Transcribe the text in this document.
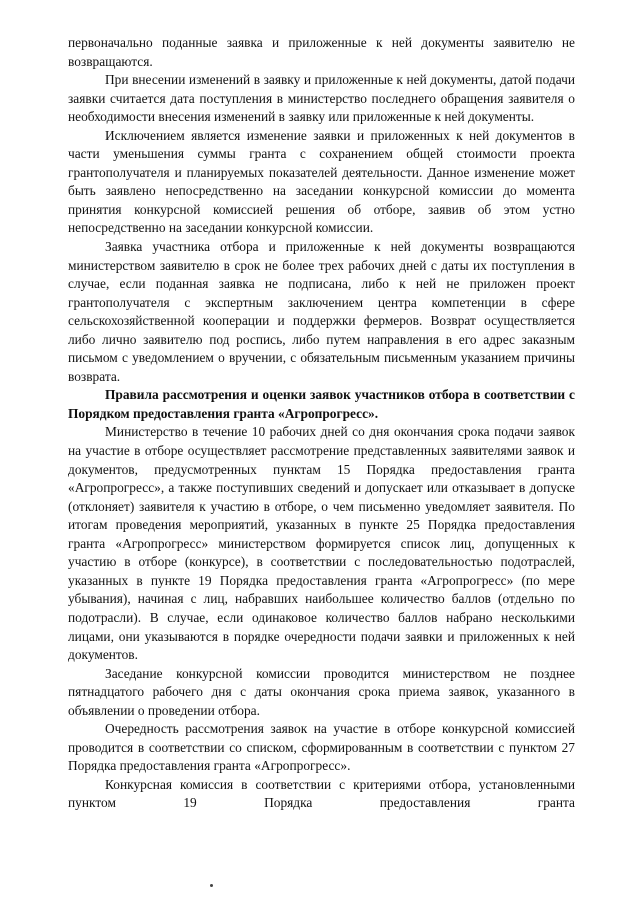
первоначально поданные заявка и приложенные к ней документы заявителю не возвращаются.

При внесении изменений в заявку и приложенные к ней документы, датой подачи заявки считается дата поступления в министерство последнего обращения заявителя о необходимости внесения изменений в заявку или приложенные к ней документы.

Исключением является изменение заявки и приложенных к ней документов в части уменьшения суммы гранта с сохранением общей стоимости проекта грантополучателя и планируемых показателей деятельности. Данное изменение может быть заявлено непосредственно на заседании конкурсной комиссии до момента принятия конкурсной комиссией решения об отборе, заявив об этом устно непосредственно на заседании конкурсной комиссии.

Заявка участника отбора и приложенные к ней документы возвращаются министерством заявителю в срок не более трех рабочих дней с даты их поступления в случае, если поданная заявка не подписана, либо к ней не приложен проект грантополучателя с экспертным заключением центра компетенции в сфере сельскохозяйственной кооперации и поддержки фермеров. Возврат осуществляется либо лично заявителю под роспись, либо путем направления в его адрес заказным письмом с уведомлением о вручении, с обязательным письменным указанием причины возврата.

Правила рассмотрения и оценки заявок участников отбора в соответствии с Порядком предоставления гранта «Агропрогресс».

Министерство в течение 10 рабочих дней со дня окончания срока подачи заявок на участие в отборе осуществляет рассмотрение представленных заявителями заявок и документов, предусмотренных пунктам 15 Порядка предоставления гранта «Агропрогресс», а также поступивших сведений и допускает или отказывает в допуске (отклоняет) заявителя к участию в отборе, о чем письменно уведомляет заявителя. По итогам проведения мероприятий, указанных в пункте 25 Порядка предоставления гранта «Агропрогресс» министерством формируется список лиц, допущенных к участию в отборе (конкурсе), в соответствии с последовательностью подотраслей, указанных в пункте 19 Порядка предоставления гранта «Агропрогресс» (по мере убывания), начиная с лиц, набравших наибольшее количество баллов (отдельно по подотрасли). В случае, если одинаковое количество баллов набрано несколькими лицами, они указываются в порядке очередности подачи заявки и приложенных к ней документов.

Заседание конкурсной комиссии проводится министерством не позднее пятнадцатого рабочего дня с даты окончания срока приема заявок, указанного в объявлении о проведении отбора.

Очередность рассмотрения заявок на участие в отборе конкурсной комиссией проводится в соответствии со списком, сформированным в соответствии с пунктом 27 Порядка предоставления гранта «Агропрогресс».

Конкурсная комиссия в соответствии с критериями отбора, установленными пунктом 19 Порядка предоставления гранта
